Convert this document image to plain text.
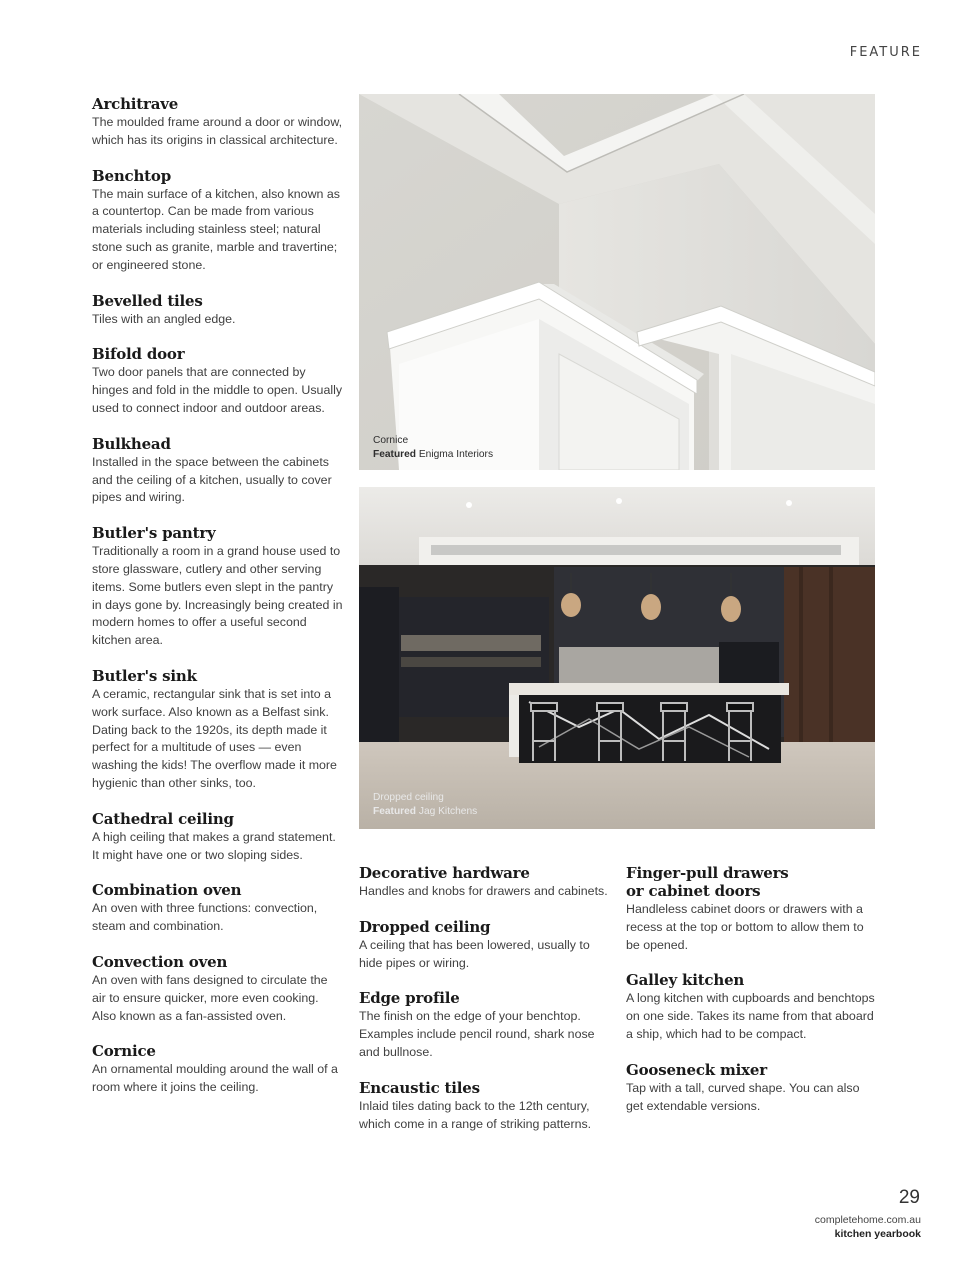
FEATURE
Architrave

The moulded frame around a door or window, which has its origins in classical architecture.

Benchtop

The main surface of a kitchen, also known as a countertop. Can be made from various materials including stainless steel; natural stone such as granite, marble and travertine; or engineered stone.

Bevelled tiles

Tiles with an angled edge.

Bifold door

Two door panels that are connected by hinges and fold in the middle to open. Usually used to connect indoor and outdoor areas.

Bulkhead

Installed in the space between the cabinets and the ceiling of a kitchen, usually to cover pipes and wiring.

Butler's pantry

Traditionally a room in a grand house used to store glassware, cutlery and other serving items. Some butlers even slept in the pantry in days gone by. Increasingly being created in modern homes to offer a useful second kitchen area.

Butler's sink

A ceramic, rectangular sink that is set into a work surface. Also known as a Belfast sink. Dating back to the 1920s, its depth made it perfect for a multitude of uses — even washing the kids! The overflow made it more hygienic than other sinks, too.

Cathedral ceiling

A high ceiling that makes a grand statement. It might have one or two sloping sides.

Combination oven

An oven with three functions: convection, steam and combination.

Convection oven

An oven with fans designed to circulate the air to ensure quicker, more even cooking. Also known as a fan-assisted oven.

Cornice

An ornamental moulding around the wall of a room where it joins the ceiling.

Cornice
Featured Enigma Interiors
Dropped ceiling
Featured Jag Kitchens
Decorative hardware

Handles and knobs for drawers and cabinets.

Dropped ceiling

A ceiling that has been lowered, usually to hide pipes or wiring.

Edge profile

The finish on the edge of your benchtop. Examples include pencil round, shark nose and bullnose.

Encaustic tiles

Inlaid tiles dating back to the 12th century, which come in a range of striking patterns.

Finger-pull drawers
or cabinet doors

Handleless cabinet doors or drawers with a recess at the top or bottom to allow them to be opened.

Galley kitchen

A long kitchen with cupboards and benchtops on one side. Takes its name from that aboard a ship, which had to be compact.

Gooseneck mixer

Tap with a tall, curved shape. You can also get extendable versions.

29
completehome.com.au
kitchen yearbook
